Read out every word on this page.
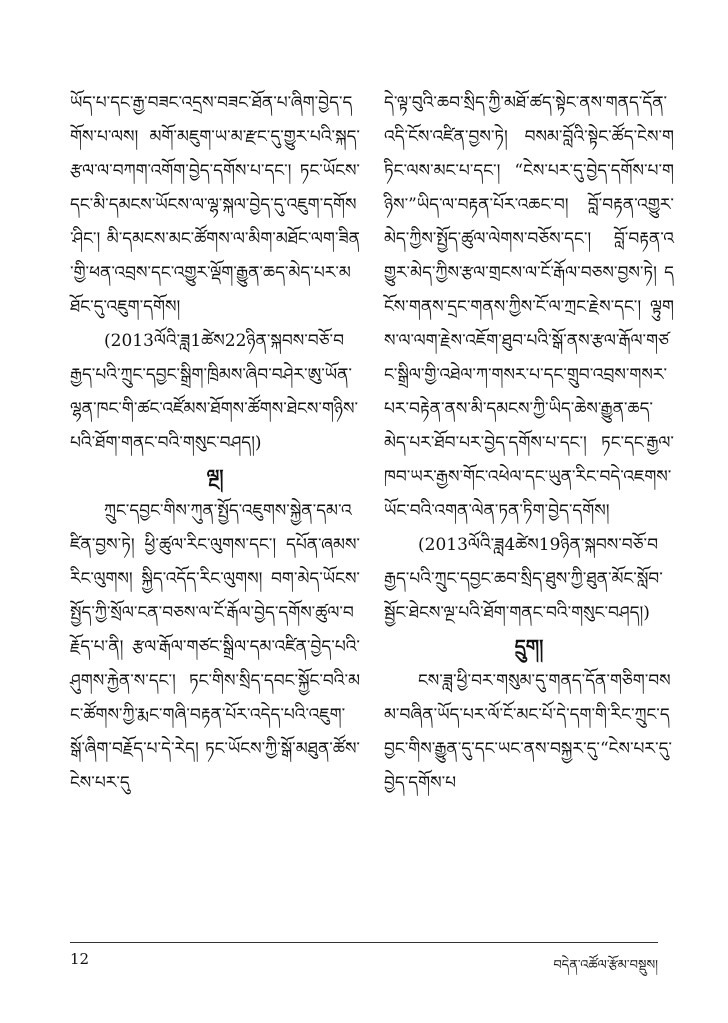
ཡོད་པ་དང་རྒྱ་བཟང་འདྲས་བཟང་ཐོན་པ་ཞིག་བྱེད་དགོས་པ་ལས། མགོ་མཇུག་ཡ་མ་རྫང་དུ་གྱུར་པའི་སྐད་རྩལ་ལ་བཀག་འགོག་བྱེད་དགོས་པ་དང་། ཏང་ཡོངས་དང་མི་དམངས་ཡོངས་ལ་ལྷ་སྐལ་བྱེད་དུ་འཇུག་དགོས་ཤིང་། མི་དམངས་མང་ཚོགས་ལ་མིག་མཐོང་ལག་ཟིན་གྱི་ཕན་འབྲས་དང་འགྱུར་ལྡོག་རྒྱུན་ཆད་མེད་པར་མཐོང་དུ་འཇུག་དགོས།

(2013ལོའི་ཟླ1ཚེས22ཉིན་སྐབས་བཅོ་བརྒྱད་པའི་ཀྲུང་དབྱང་སྒྲིག་ཁྲིམས་ཞིབ་བཤེར་ཨུ་ཡོན་ལྷན་ཁང་གི་ཚང་འཛོམས་ཐོགས་ཚོགས་ཐེངས་གཉིས་པའི་ཐོག་གནང་བའི་གསུང་བཤད།)

ལྔ།

ཀྲུང་དབྱང་གིས་ཀུན་སྤྱོད་འཇུགས་སྐྱེན་དམ་འཛིན་བྱས་ཏེ། ཕྱི་ཚུལ་རིང་ལུགས་དང་། དཔོན་ཞམས་རིང་ལུགས། སྐྱིད་འདོད་རིང་ལུགས། བག་མེད་ཡོངས་སྤྱོད་ཀྱི་སྲོལ་ངན་བཅས་ལ་ངོ་རྒོལ་བྱེད་དགོས་ཚུལ་བརྗོད་པ་ནི། རྩལ་རྒོལ་གཙང་སྒྲིལ་དམ་འཛིན་བྱེད་པའི་ཤུགས་རྐྱེན་ས་དང་། ཏང་གིས་སྲིད་དབང་སྐྱོང་བའི་མང་ཚོགས་ཀྱི་རྨང་གཞི་བརྟན་པོར་འདེད་པའི་འཇུག་སྒོ་ཞིག་བརྗོད་པ་དེ་རེད། ཏང་ཡོངས་ཀྱི་སྒོ་མཐུན་ཚོས་ངེས་པར་དུ

དེ་ལྟ་བུའི་ཆབ་སྲིད་ཀྱི་མཐོ་ཚད་སྟེང་ནས་གནད་དོན་འདི་ངོས་འཛིན་བྱས་ཏེ། བསམ་བློའི་སྟེང་ཚོད་ངེས་གཏིང་ལས་མང་པ་དང་། “ངེས་པར་དུ་བྱེད་དགོས་པ་གཉིས་”ཡིད་ལ་བརྟན་པོར་འཆང་བ། བློ་བརྟན་འགྱུར་མེད་ཀྱིས་སྤྱོད་ཚུལ་ལེགས་བཅོས་དང་། བློ་བརྟན་འགྱུར་མེད་ཀྱིས་རྩལ་གྲངས་ལ་ངོ་རྒོལ་བཅས་བྱས་ཏེ། དངོས་གནས་དྲང་གནས་ཀྱིས་ངོ་ལ་ཀྲང་རྗེས་དང་། ལྟུགས་ལ་ལག་རྗེས་འཇོག་ཐུབ་པའི་སྒོ་ནས་རྩལ་རྒོལ་གཙང་སྒྲིལ་གྱི་འཐེལ་ཀ་གསར་པ་དང་གྲུབ་འབྲས་གསར་པར་བརྟེན་ནས་མི་དམངས་ཀྱི་ཡིད་ཆེས་རྒྱུན་ཆད་མེད་པར་ཐོབ་པར་བྱེད་དགོས་པ་དང་། ཏང་དང་རྒྱལ་ཁབ་ཡར་རྒྱས་གོང་འཕེལ་དང་ཡུན་རིང་བདེ་འཇགས་ཡོང་བའི་འགན་ལེན་ཏན་ཏིག་བྱེད་དགོས།

(2013ལོའི་ཟླ4ཚེས19ཉིན་སྐབས་བཅོ་བརྒྱད་པའི་ཀྲུང་དབྱང་ཆབ་སྲིད་ཐུས་ཀྱི་ཐུན་མོང་སློབ་སྦྱོང་ཐེངས་ལྔ་པའི་ཐོག་གནང་བའི་གསུང་བཤད།)

དྲུག།

ངས་ཟླ་ཕྱི་བར་གསུམ་དུ་གནད་དོན་གཅིག་བསམ་བཞིན་ཡོད་པར་ལོ་ངོ་མང་པོ་དེ་དག་གི་རིང་ཀྲུང་དབྱང་གིས་རྒྱུན་དུ་དང་ཡང་ནས་བསྐྱར་དུ་“ངེས་པར་དུ་བྱེད་དགོས་པ

12	བདེན་འཚོལ་རྩོམ་བསྡུས།
